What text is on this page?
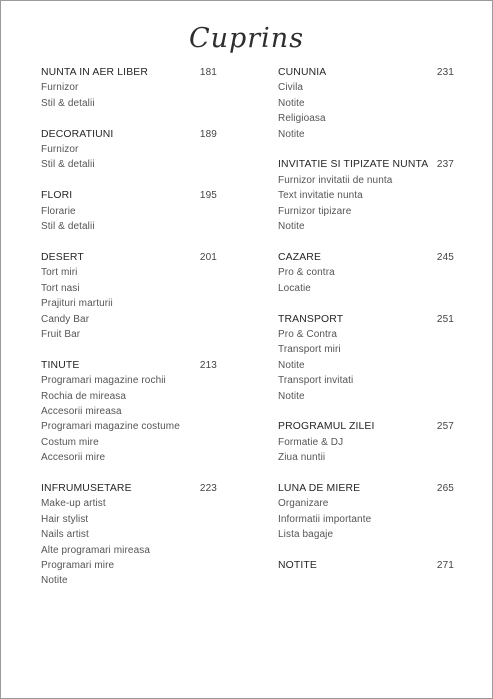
Cuprins
NUNTA IN AER LIBER	181
Furnizor
Stil & detalii
DECORATIUNI	189
Furnizor
Stil & detalii
FLORI	195
Florarie
Stil & detalii
DESERT	201
Tort miri
Tort nasi
Prajituri marturii
Candy Bar
Fruit Bar
TINUTE	213
Programari magazine rochii
Rochia de mireasa
Accesorii mireasa
Programari magazine costume
Costum mire
Accesorii mire
INFRUMUSETARE	223
Make-up artist
Hair stylist
Nails artist
Alte programari mireasa
Programari mire
Notite
CUNUNIA	231
Civila
Notite
Religioasa
Notite
INVITATIE SI TIPIZATE NUNTA 237
Furnizor invitatii de nunta
Text invitatie nunta
Furnizor tipizare
Notite
CAZARE	245
Pro & contra
Locatie
TRANSPORT	251
Pro & Contra
Transport miri
Notite
Transport invitati
Notite
PROGRAMUL ZILEI	257
Formatie & DJ
Ziua nuntii
LUNA DE MIERE	265
Organizare
Informatii importante
Lista bagaje
NOTITE	271
